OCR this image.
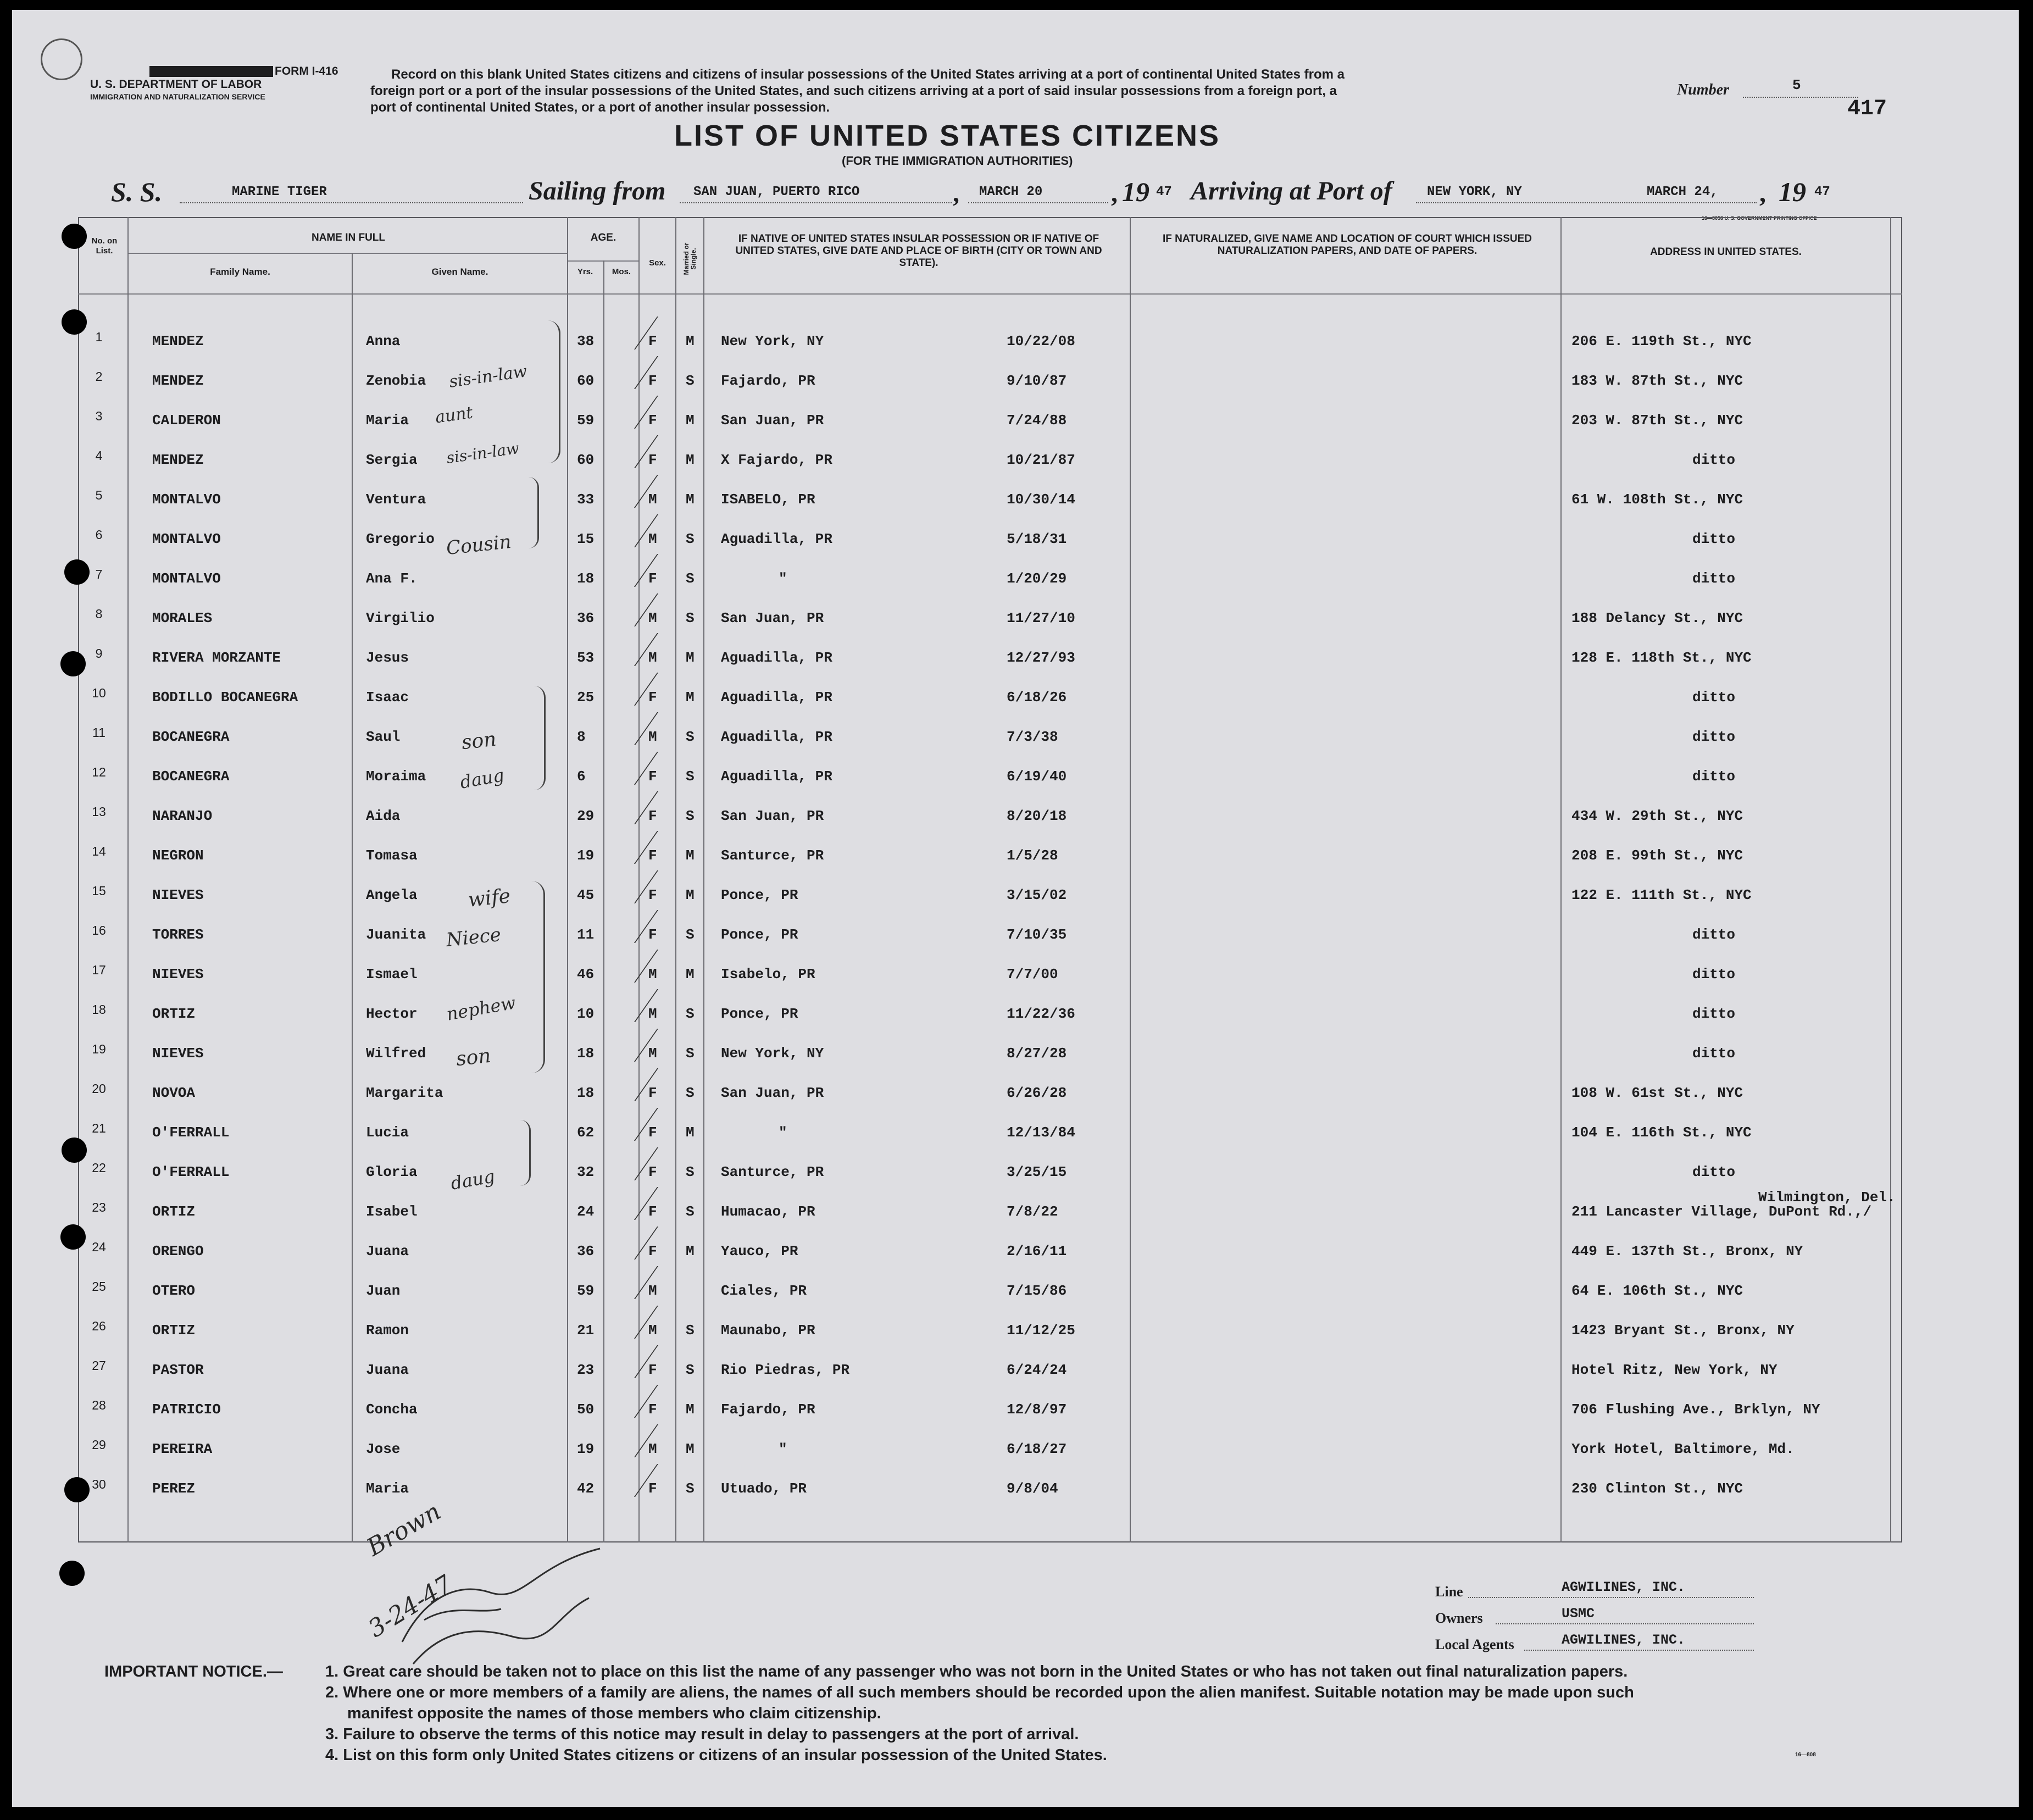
FORM I-416
U. S. DEPARTMENT OF LABOR
IMMIGRATION AND NATURALIZATION SERVICE
Record on this blank United States citizens and citizens of insular possessions of the United States arriving at a port of continental United States from a
foreign port or a port of the insular possessions of the United States, and such citizens arriving at a port of said insular possessions from a foreign port, a
port of continental United States, or a port of another insular possession.
Number	5
417
LIST OF UNITED STATES CITIZENS
(FOR THE IMMIGRATION AUTHORITIES)
S. S.	MARINE TIGER	Sailing from SAN JUAN, PUERTO RICO	, MARCH 20	, 19 47 Arriving at Port of	NEW YORK, NY	MARCH 24, , 19 47
16—8058 U. S. GOVERNMENT PRINTING OFFICE
No. on List.
NAME IN FULL
Family Name.	Given Name.
AGE.
Yrs.	Mos.
Sex.	Married or Single.
IF NATIVE OF UNITED STATES INSULAR POSSESSION OR IF NATIVE OF UNITED STATES, GIVE DATE AND PLACE OF BIRTH (CITY OR TOWN AND STATE).
IF NATURALIZED, GIVE NAME AND LOCATION OF COURT WHICH ISSUED NATURALIZATION PAPERS, AND DATE OF PAPERS.	ADDRESS IN UNITED STATES.
1	MENDEZ	Anna	38	F M New York, NY	10/22/08	206 E. 119th St., NYC
2	MENDEZ	Zenobia	60	F S Fajardo, PR	9/10/87	183 W. 87th St., NYC
3	CALDERON	Maria	59	F M San Juan, PR	7/24/88	203 W. 87th St., NYC
4	MENDEZ	Sergia	60	F M X Fajardo, PR	10/21/87	ditto
5	MONTALVO	Ventura	33	M M ISABELO, PR	10/30/14	61 W. 108th St., NYC
6	MONTALVO	Gregorio	15	M S Aguadilla, PR	5/18/31	ditto
7	MONTALVO	Ana F.	18	F S	"	1/20/29	ditto
8	MORALES	Virgilio	36	M S San Juan, PR	11/27/10	188 Delancy St., NYC
9	RIVERA MORZANTE	Jesus	53	M M Aguadilla, PR	12/27/93	128 E. 118th St., NYC
10	BODILLO BOCANEGRA	Isaac	25	F M Aguadilla, PR	6/18/26	ditto
11	BOCANEGRA	Saul	8	M S Aguadilla, PR	7/3/38	ditto
12	BOCANEGRA	Moraima	6	F S Aguadilla, PR	6/19/40	ditto
13	NARANJO	Aida	29	F S San Juan, PR	8/20/18	434 W. 29th St., NYC
14	NEGRON	Tomasa	19	F M Santurce, PR	1/5/28	208 E. 99th St., NYC
15	NIEVES	Angela	45	F M Ponce, PR	3/15/02	122 E. 111th St., NYC
16	TORRES	Juanita	11	F S Ponce, PR	7/10/35	ditto
17	NIEVES	Ismael	46	M M Isabelo, PR	7/7/00	ditto
18	ORTIZ	Hector	10	M S Ponce, PR	11/22/36	ditto
19	NIEVES	Wilfred	18	M S New York, NY	8/27/28	ditto
20	NOVOA	Margarita	18	F S San Juan, PR	6/26/28	108 W. 61st St., NYC
21	O'FERRALL	Lucia	62	F M	"	12/13/84	104 E. 116th St., NYC
22	O'FERRALL	Gloria	32	F S Santurce, PR	3/25/15	ditto
23	ORTIZ	Isabel	24	F S Humacao, PR	7/8/22	211 Lancaster Village, DuPont Rd.,/
24	ORENGO	Juana	36	F M Yauco, PR	2/16/11	449 E. 137th St., Bronx, NY
25	OTERO	Juan	59	M	Ciales, PR	7/15/86	64 E. 106th St., NYC
26	ORTIZ	Ramon	21	M S Maunabo, PR	11/12/25	1423 Bryant St., Bronx, NY
27	PASTOR	Juana	23	F S Rio Piedras, PR	6/24/24	Hotel Ritz, New York, NY
28	PATRICIO	Concha	50	F M Fajardo, PR	12/8/97	706 Flushing Ave., Brklyn, NY
29	PEREIRA	Jose	19	M M	"	6/18/27	York Hotel, Baltimore, Md.
30	PEREZ	Maria	42	F S Utuado, PR	9/8/04	230 Clinton St., NYC
Wilmington, Del.
sis-in-law
aunt
sis-in-law
Cousin
son
daug
wife
Niece
nephew
son
daug
Brown
3-24-47	Line	AGWILINES, INC.
Owners	USMC
Local Agents	AGWILINES, INC.
IMPORTANT NOTICE.—	1. Great care should be taken not to place on this list the name of any passenger who was not born in the United States or who has not taken out final naturalization papers.
2. Where one or more members of a family are aliens, the names of all such members should be recorded upon the alien manifest. Suitable notation may be made upon such
manifest opposite the names of those members who claim citizenship.
3. Failure to observe the terms of this notice may result in delay to passengers at the port of arrival.
4. List on this form only United States citizens or citizens of an insular possession of the United States.	16—808
